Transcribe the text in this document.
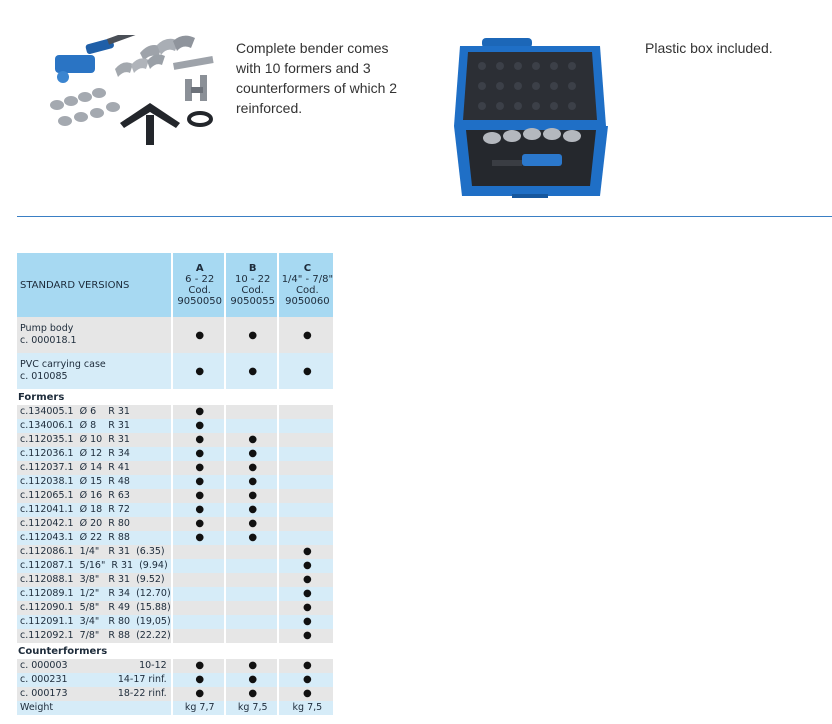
Complete bender comes with 10 formers and 3 counterformers of which 2 reinforced.
Plastic box included.
STANDARD VERSIONS	A
6 - 22
Cod.
9050050	B
10 - 22
Cod.
9050055	C
1/4" - 7/8"
Cod.
9050060
Pump body
c. 000018.1	●	●	●
PVC carrying case
c. 010085	●	●	●
Formers			
c.134005.1  Ø 6    R 31	●		
c.134006.1  Ø 8    R 31	●		
c.112035.1  Ø 10  R 31	●	●	
c.112036.1  Ø 12  R 34	●	●	
c.112037.1  Ø 14  R 41	●	●	
c.112038.1  Ø 15  R 48	●	●	
c.112065.1  Ø 16  R 63	●	●	
c.112041.1  Ø 18  R 72	●	●	
c.112042.1  Ø 20  R 80	●	●	
c.112043.1  Ø 22  R 88	●	●	
c.112086.1  1/4"   R 31  (6.35)			●
c.112087.1  5/16"  R 31  (9.94)			●
c.112088.1  3/8"   R 31  (9.52)			●
c.112089.1  1/2"   R 34  (12.70)			●
c.112090.1  5/8"   R 49  (15.88)			●
c.112091.1  3/4"   R 80  (19,05)			●
c.112092.1  7/8"   R 88  (22.22)			●
Counterformers			

c. 000003 10-12	●	●	●

c. 000231 14-17 rinf.	●	●	●

c. 000173 18-22 rinf.	●	●	●
Weight	kg 7,7	kg 7,5	kg 7,5
